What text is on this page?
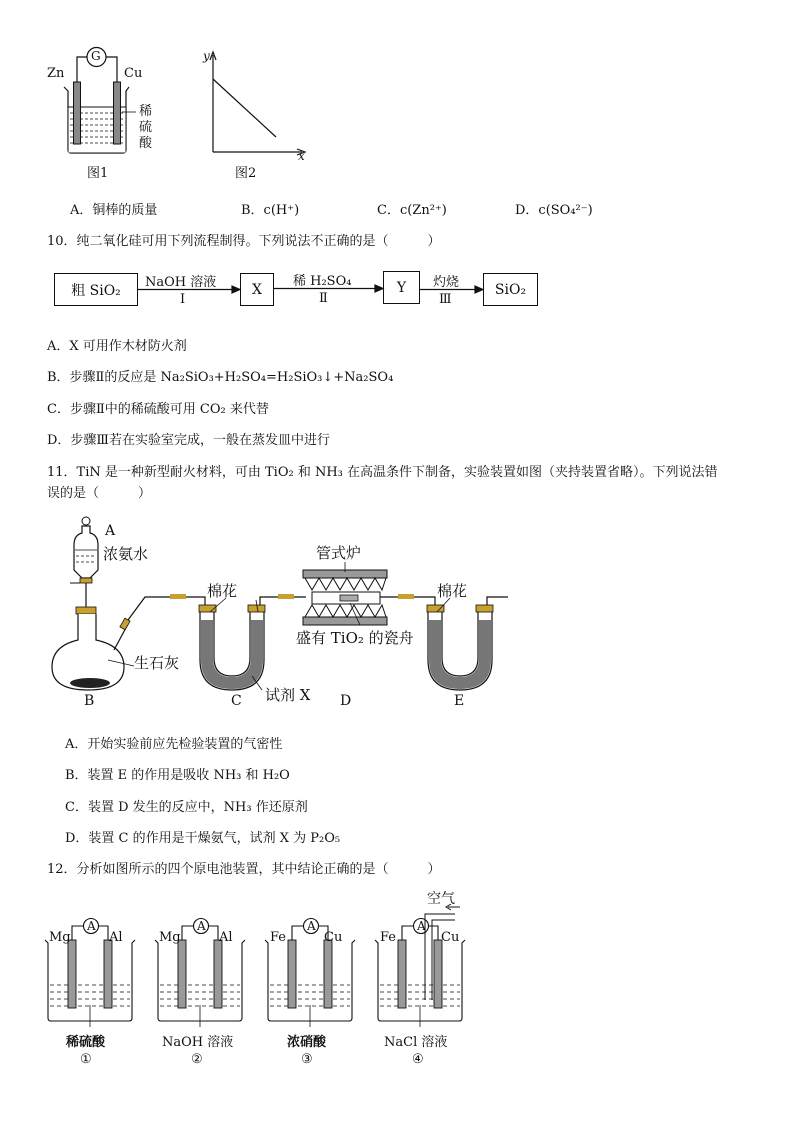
G
Zn	Cu
稀
硫
酸
图1
y
x
图2
A．铜棒的质量	B．c(H⁺)	C．c(Zn²⁺)	D．c(SO₄²⁻)
10．纯二氧化硅可用下列流程制得。下列说法不正确的是（　　　）
粗 SiO₂	X	Y	SiO₂
NaOH 溶液
Ⅰ
稀 H₂SO₄
Ⅱ
灼烧
Ⅲ
A．X 可用作木材防火剂
B．步骤Ⅱ的反应是 Na₂SiO₃+H₂SO₄=H₂SiO₃↓+Na₂SO₄
C．步骤Ⅱ中的稀硫酸可用 CO₂ 来代替
D．步骤Ⅲ若在实验室完成，一般在蒸发皿中进行
11．TiN 是一种新型耐火材料，可由 TiO₂ 和 NH₃ 在高温条件下制备，实验装置如图（夹持装置省略）。下列说法错
误的是（　　　）
A
浓氨水
生石灰
棉花
管式炉
棉花
盛有 TiO₂ 的瓷舟
试剂 X
B	C	D	E
A．开始实验前应先检验装置的气密性
B．装置 E 的作用是吸收 NH₃ 和 H₂O
C．装置 D 发生的反应中，NH₃ 作还原剂
D．装置 C 的作用是干燥氨气，试剂 X 为 P₂O₅
12．分析如图所示的四个原电池装置，其中结论正确的是（　　　）
Mg	Al
A
稀硫酸
①
Mg	Al
A
NaOH 溶液
②
Fe	Cu
A
浓硝酸
③
Fe	Cu
A
NaCl 溶液
④
空气
